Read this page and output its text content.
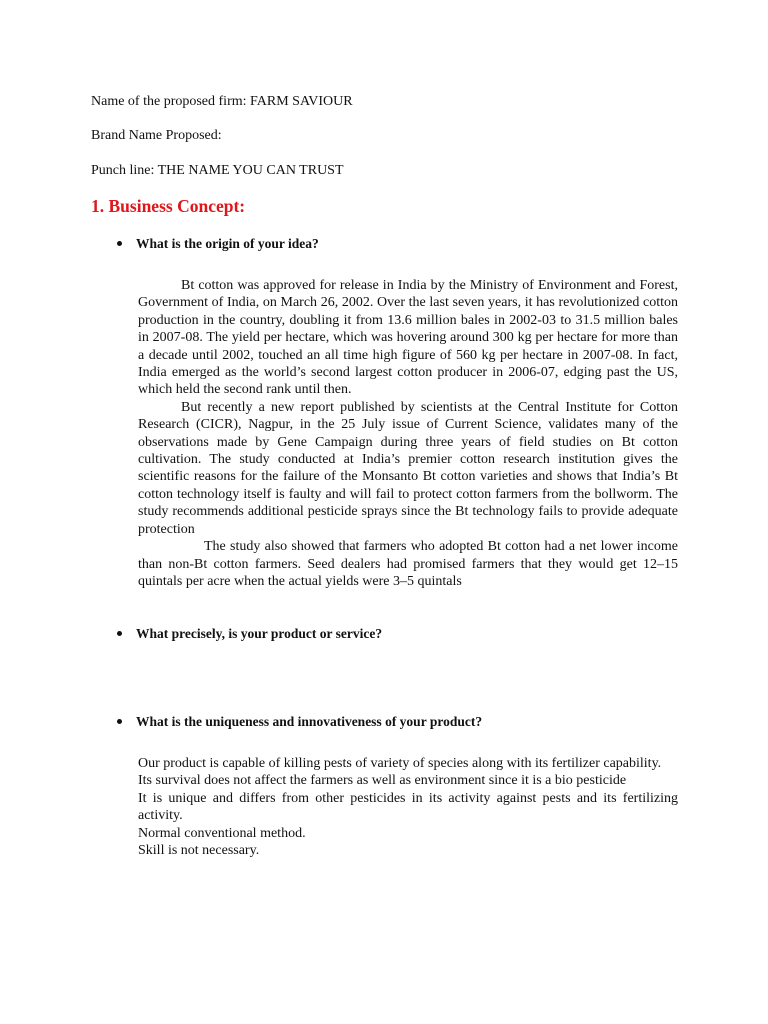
Name of the proposed firm: FARM SAVIOUR
Brand Name Proposed:
Punch line: THE NAME YOU CAN TRUST
1. Business Concept:
What is the origin of your idea?

Bt cotton was approved for release in India by the Ministry of Environment and Forest, Government of India, on March 26, 2002. Over the last seven years, it has revolutionized cotton production in the country, doubling it from 13.6 million bales in 2002-03 to 31.5 million bales in 2007-08. The yield per hectare, which was hovering around 300 kg per hectare for more than a decade until 2002, touched an all time high figure of 560 kg per hectare in 2007-08. In fact, India emerged as the world’s second largest cotton producer in 2006-07, edging past the US, which held the second rank until then.

But recently a new report published by scientists at the Central Institute for Cotton Research (CICR), Nagpur, in the 25 July issue of Current Science, validates many of the observations made by Gene Campaign during three years of field studies on Bt cotton cultivation. The study conducted at India’s premier cotton research institution gives the scientific reasons for the failure of the Monsanto Bt cotton varieties and shows that India’s Bt cotton technology itself is faulty and will fail to protect cotton farmers from the bollworm. The study recommends additional pesticide sprays since the Bt technology fails to provide adequate protection

The study also showed that farmers who adopted Bt cotton had a net lower income than non-Bt cotton farmers. Seed dealers had promised farmers that they would get 12–15 quintals per acre when the actual yields were 3–5 quintals

What precisely, is your product or service?
What is the uniqueness and innovativeness of your product?

Our product is capable of killing pests of variety of species along with its fertilizer capability.

Its survival does not affect the farmers as well as environment since it is a bio pesticide

It is unique and differs from other pesticides in its activity against pests and its fertilizing activity.

Normal conventional method.

Skill is not necessary.
